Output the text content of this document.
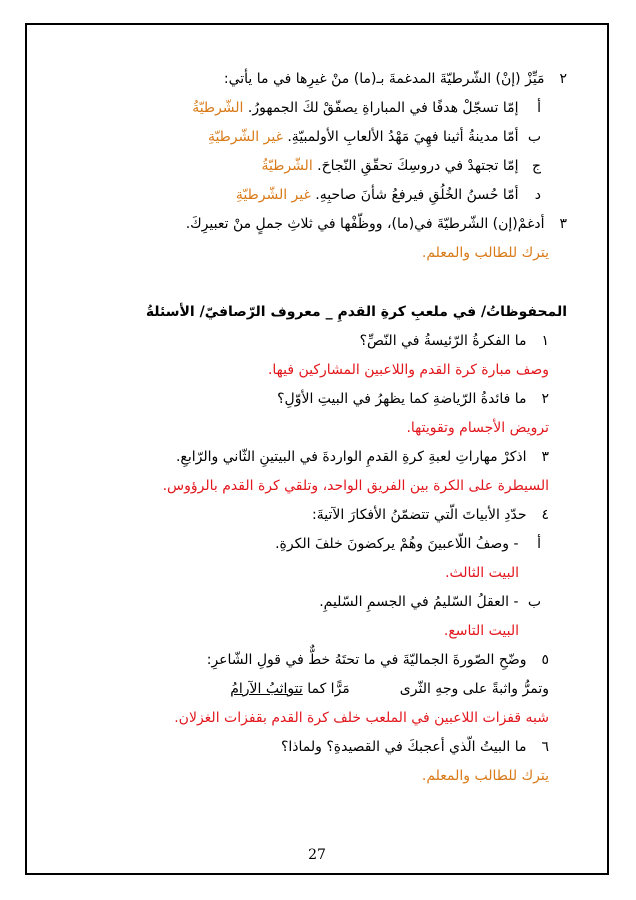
٢ مَيِّزْ (إنْ) الشّرطيّةَ المدغمةَ بـ(ما) منْ غيرِها في ما يأتي:
أ إمّا تسجّلْ هدفًا في المباراةِ يصفّقْ لكَ الجمهورُ. الشّرطيّةُ
ب أمّا مدينةُ أثينا فهِيَ مَهْدُ الألعابِ الأولمبيّةِ. غير الشّرطيّةِ
ج إمّا تجتهدْ في دروسِكَ تحقّقِ النّجاحَ. الشّرطيّةُ
د أمّا حُسنُ الخُلُقِ فيرفعُ شأنَ صاحبِهِ. غير الشّرطيّةِ
٣ أدغمْ(إن) الشّرطيّةَ في(ما)، ووظّفْها في ثلاثِ جملٍ منْ تعبيرِكَ.
يترك للطالب والمعلم.
المحفوظاتُ/ في ملعبِ كرةِ القدمِ _ معروف الرّصافيّ/ الأسئلةُ
١ ما الفكرةُ الرّئيسةُ في النّصِّ؟
وصف مبارة كرة القدم واللاعبين المشاركين فيها.
٢ ما فائدةُ الرّياضةِ كما يظهرُ في البيتِ الأوّلِ؟
ترويض الأجسام وتقويتها.
٣ اذكرْ مهاراتِ لعبةِ كرةِ القدمِ الواردةَ في البيتينِ الثّاني والرّابعِ.
السيطرة على الكرة بين الفريق الواحد، وتلقي كرة القدم بالرؤوس.
٤ حدّدِ الأبياتَ الّتي تتضمّنُ الأفكارَ الآتيةَ:
أ - وصفُ اللّاعبينَ وهُمْ يركضونَ خلفَ الكرةِ.
البيت الثالث.
ب - العقلُ السّليمُ في الجسمِ السّليمِ.
البيت التاسع.
٥ وضّحِ الصّورةَ الجماليّةَ في ما تحتَهُ خطٌّ في قولِ الشّاعرِ:
وتمرُّ واثبةً على وجهِ الثّرى
مَرًّا كما تتواثبُ الآرامُ
شبه قفزات اللاعبين في الملعب خلف كرة القدم بقفزات الغزلان.
٦ ما البيتُ الّذي أعجبكَ في القصيدةِ؟ ولماذا؟
يترك للطالب والمعلم.
27
